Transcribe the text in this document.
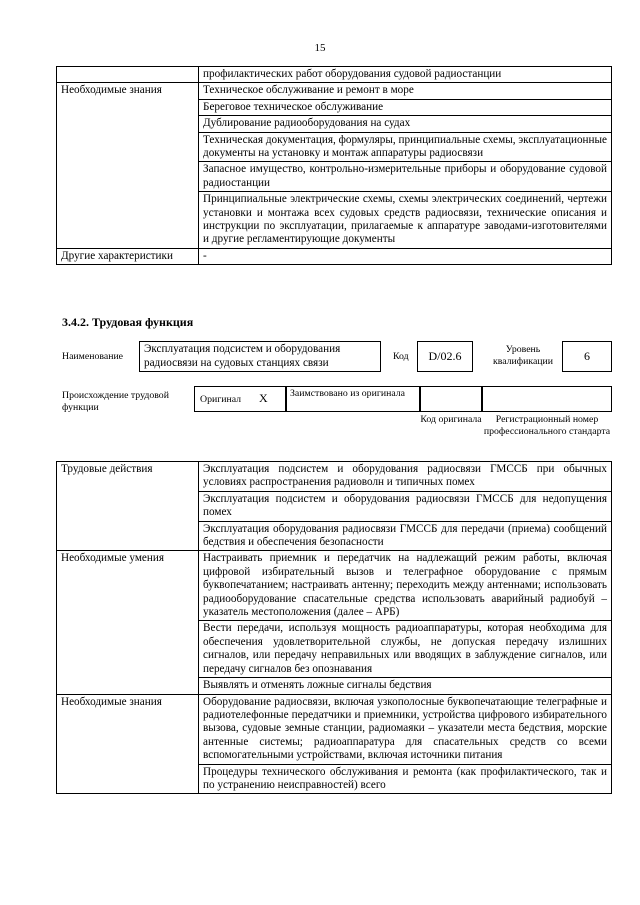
15
	профилактических работ оборудования судовой радиостанции
Необходимые знания	Техническое обслуживание и ремонт в море
	Береговое техническое обслуживание
	Дублирование радиооборудования на судах
	Техническая документация, формуляры, принципиальные схемы, эксплуатационные документы на установку и монтаж аппаратуры радиосвязи
	Запасное имущество, контрольно-измерительные приборы и оборудование судовой радиостанции
	Принципиальные электрические схемы, схемы электрических соединений, чертежи установки и монтажа всех судовых средств радиосвязи, технические описания и инструкции по эксплуатации, прилагаемые к аппаратуре заводами-изготовителями и другие регламентирующие документы
Другие характеристики	-
3.4.2. Трудовая функция
Наименование
Эксплуатация подсистем и оборудования радиосвязи на судовых станциях связи
Код	D/02.6	Уровень квалификации	6
Происхождение трудовой функции
Оригинал X	Заимствовано из оригинала
Код оригинала	Регистрационный номер профессионального стандарта
Трудовые действия	Эксплуатация подсистем и оборудования радиосвязи ГМССБ при обычных условиях распространения радиоволн и типичных помех
	Эксплуатация подсистем и оборудования радиосвязи ГМССБ для недопущения помех
	Эксплуатация оборудования радиосвязи ГМССБ для передачи (приема) сообщений бедствия и обеспечения безопасности
Необходимые умения	Настраивать приемник и передатчик на надлежащий режим работы, включая цифровой избирательный вызов и телеграфное оборудование с прямым буквопечатанием; настраивать антенну; переходить между антеннами; использовать радиооборудование спасательные средства использовать аварийный радиобуй – указатель местоположения (далее – АРБ)
	Вести передачи, используя мощность радиоаппаратуры, которая необходима для обеспечения удовлетворительной службы, не допуская передачу излишних сигналов, или передачу неправильных или вводящих в заблуждение сигналов, или передачу сигналов без опознавания
	Выявлять и отменять ложные сигналы бедствия
Необходимые знания	Оборудование радиосвязи, включая узкополосные буквопечатающие телеграфные и радиотелефонные передатчики и приемники, устройства цифрового избирательного вызова, судовые земные станции, радиомаяки – указатели места бедствия, морские антенные системы; радиоаппаратура для спасательных средств со всеми вспомогательными устройствами, включая источники питания
	Процедуры технического обслуживания и ремонта (как профилактического, так и по устранению неисправностей) всего
